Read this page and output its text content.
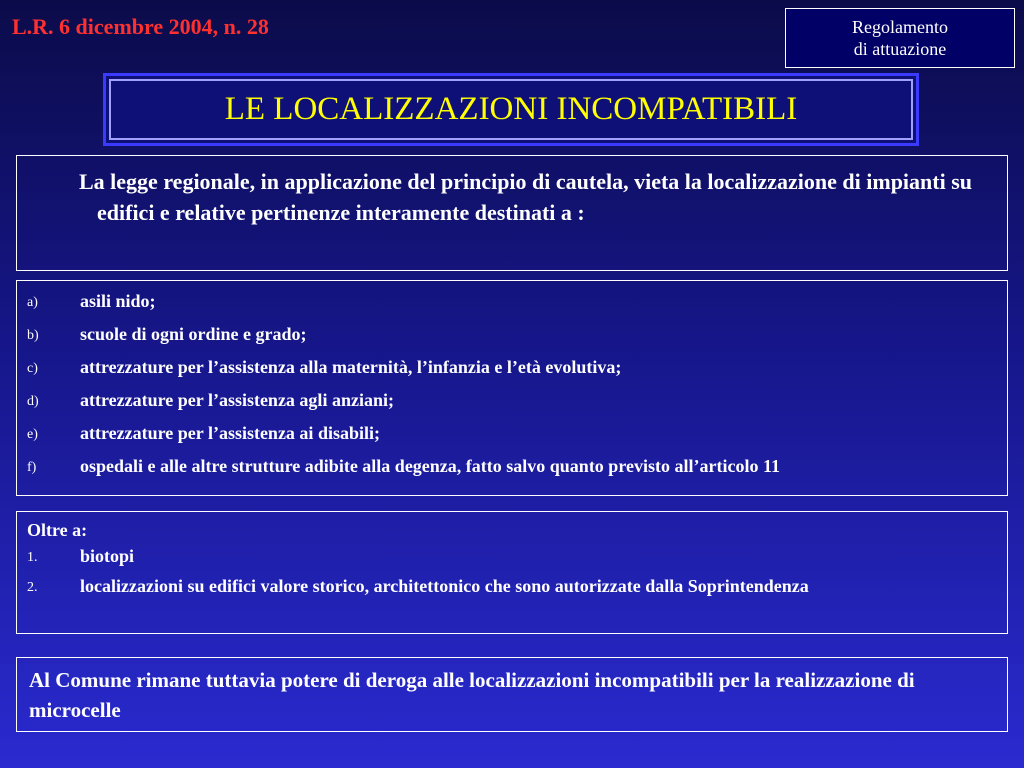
L.R. 6 dicembre 2004, n. 28	Regolamento
di attuazione
LE LOCALIZZAZIONI INCOMPATIBILI
La legge regionale, in applicazione del principio di cautela, vieta la localizzazione di impianti su edifici e relative pertinenze interamente destinati a :
a)	asili nido;
b)	scuole di ogni ordine e grado;
c)	attrezzature per l’assistenza alla maternità, l’infanzia e l’età evolutiva;
d)	attrezzature per l’assistenza agli anziani;
e)	attrezzature per l’assistenza ai disabili;
f)	ospedali e alle altre strutture adibite alla degenza, fatto salvo quanto previsto all’articolo 11
Oltre a:
1.	biotopi
2.	localizzazioni su edifici valore storico, architettonico che sono autorizzate dalla Soprintendenza
Al Comune rimane tuttavia potere di deroga alle localizzazioni incompatibili per la realizzazione di microcelle
